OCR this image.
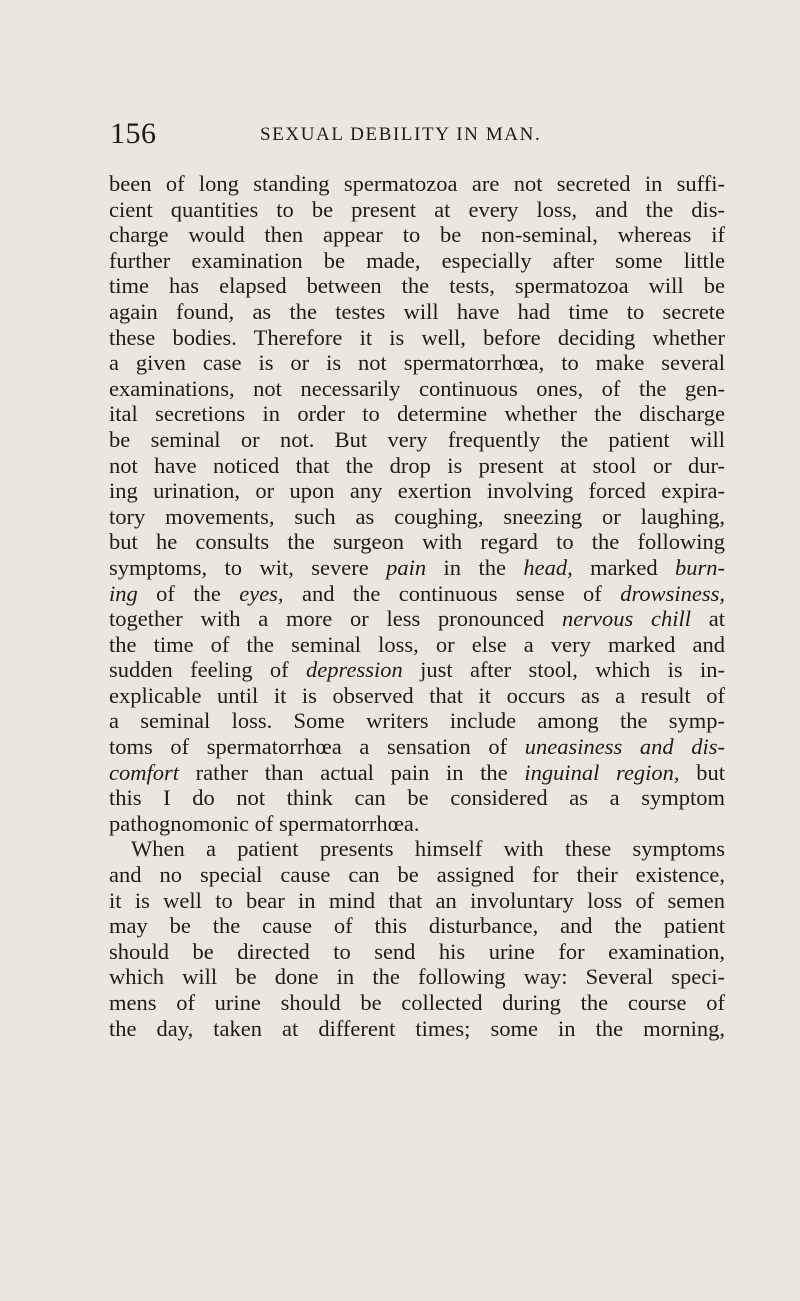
156	SEXUAL DEBILITY IN MAN.
been of long standing spermatozoa are not secreted in suffi-
cient quantities to be present at every loss, and the dis-
charge would then appear to be non-seminal, whereas if
further examination be made, especially after some little
time has elapsed between the tests, spermatozoa will be
again found, as the testes will have had time to secrete
these bodies. Therefore it is well, before deciding whether
a given case is or is not spermatorrhœa, to make several
examinations, not necessarily continuous ones, of the gen-
ital secretions in order to determine whether the discharge
be seminal or not. But very frequently the patient will
not have noticed that the drop is present at stool or dur-
ing urination, or upon any exertion involving forced expira-
tory movements, such as coughing, sneezing or laughing,
but he consults the surgeon with regard to the following
symptoms, to wit, severe pain in the head, marked burn-
ing of the eyes, and the continuous sense of drowsiness,
together with a more or less pronounced nervous chill at
the time of the seminal loss, or else a very marked and
sudden feeling of depression just after stool, which is in-
explicable until it is observed that it occurs as a result of
a seminal loss. Some writers include among the symp-
toms of spermatorrhœa a sensation of uneasiness and dis-
comfort rather than actual pain in the inguinal region, but
this I do not think can be considered as a symptom
pathognomonic of spermatorrhœa.
When a patient presents himself with these symptoms
and no special cause can be assigned for their existence,
it is well to bear in mind that an involuntary loss of semen
may be the cause of this disturbance, and the patient
should be directed to send his urine for examination,
which will be done in the following way: Several speci-
mens of urine should be collected during the course of
the day, taken at different times; some in the morning,
